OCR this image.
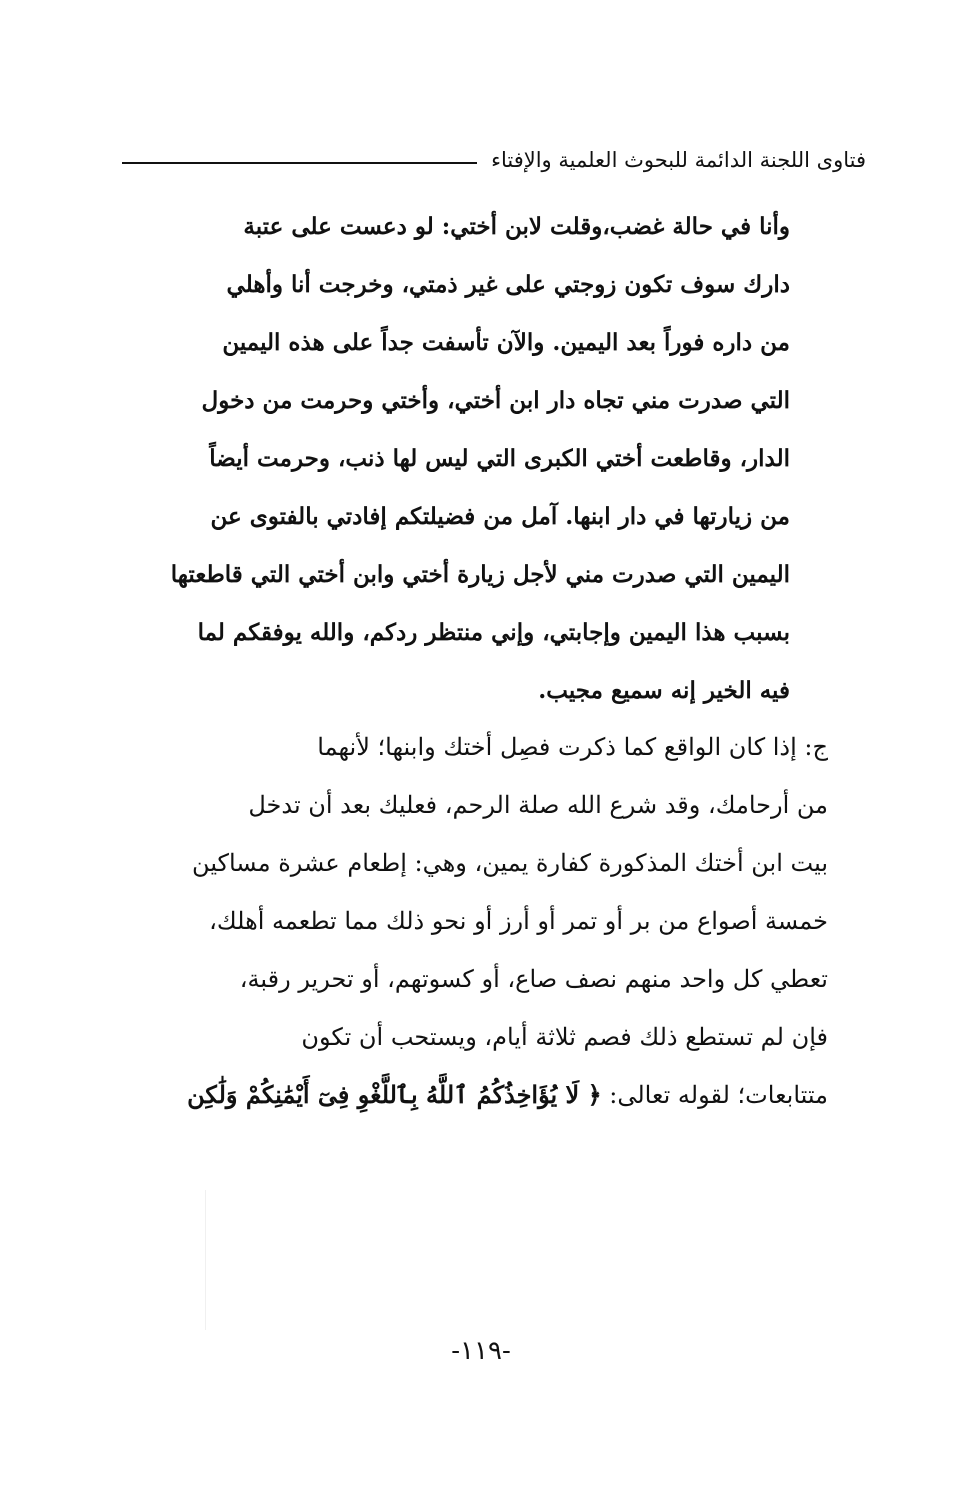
فتاوى اللجنة الدائمة للبحوث العلمية والإفتاء
وأنا في حالة غضب،وقلت لابن أختي: لو دعست على عتبة
دارك سوف تكون زوجتي على غير ذمتي، وخرجت أنا وأهلي
من داره فوراً بعد اليمين. والآن تأسفت جداً على هذه اليمين
التي صدرت مني تجاه دار ابن أختي، وأختي وحرمت من دخول
الدار، وقاطعت أختي الكبرى التي ليس لها ذنب، وحرمت أيضاً
من زيارتها في دار ابنها. آمل من فضيلتكم إفادتي بالفتوى عن
اليمين التي صدرت مني لأجل زيارة أختي وابن أختي التي قاطعتها
بسبب هذا اليمين وإجابتي، وإني منتظر ردكم، والله يوفقكم لما
فيه الخير إنه سميع مجيب.
ج: إذا كان الواقع كما ذكرت فصِل أختك وابنها؛ لأنهما
من أرحامك، وقد شرع الله صلة الرحم، فعليك بعد أن تدخل
بيت ابن أختك المذكورة كفارة يمين، وهي: إطعام عشرة مساكين
خمسة أصواع من بر أو تمر أو أرز أو نحو ذلك مما تطعمه أهلك،
تعطي كل واحد منهم نصف صاع، أو كسوتهم، أو تحرير رقبة،
فإن لم تستطع ذلك فصم ثلاثة أيام، ويستحب أن تكون
متتابعات؛ لقوله تعالى: ﴿ لَا يُؤَاخِذُكُمُ ٱللَّهُ بِٱللَّغْوِ فِىٓ أَيْمَٰنِكُمْ وَلَٰكِن
-١١٩-
